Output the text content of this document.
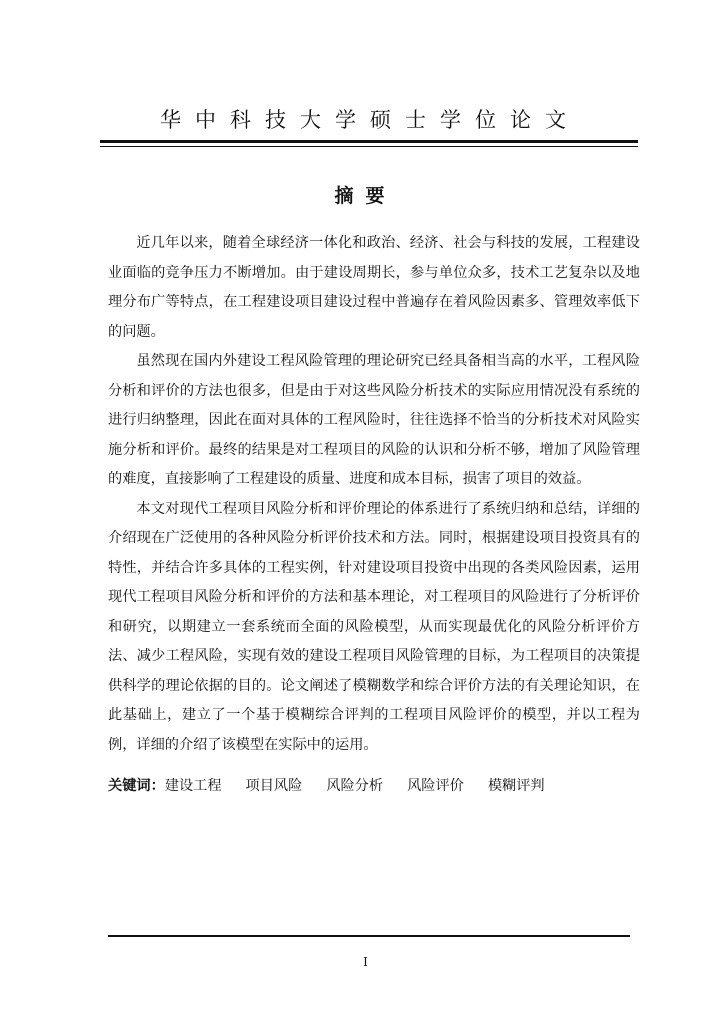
华中科技大学硕士学位论文
摘要

近几年以来，随着全球经济一体化和政治、经济、社会与科技的发展，工程建设业面临的竞争压力不断增加。由于建设周期长，参与单位众多，技术工艺复杂以及地理分布广等特点，在工程建设项目建设过程中普遍存在着风险因素多、管理效率低下的问题。

虽然现在国内外建设工程风险管理的理论研究已经具备相当高的水平，工程风险分析和评价的方法也很多，但是由于对这些风险分析技术的实际应用情况没有系统的进行归纳整理，因此在面对具体的工程风险时，往往选择不恰当的分析技术对风险实施分析和评价。最终的结果是对工程项目的风险的认识和分析不够，增加了风险管理的难度，直接影响了工程建设的质量、进度和成本目标，损害了项目的效益。

本文对现代工程项目风险分析和评价理论的体系进行了系统归纳和总结，详细的介绍现在广泛使用的各种风险分析评价技术和方法。同时，根据建设项目投资具有的特性，并结合许多具体的工程实例，针对建设项目投资中出现的各类风险因素，运用现代工程项目风险分析和评价的方法和基本理论，对工程项目的风险进行了分析评价和研究，以期建立一套系统而全面的风险模型，从而实现最优化的风险分析评价方法、减少工程风险，实现有效的建设工程项目风险管理的目标，为工程项目的决策提供科学的理论依据的目的。论文阐述了模糊数学和综合评价方法的有关理论知识，在此基础上，建立了一个基于模糊综合评判的工程项目风险评价的模型，并以工程为例，详细的介绍了该模型在实际中的运用。

关键词：建设工程 项目风险 风险分析 风险评价 模糊评判
I
